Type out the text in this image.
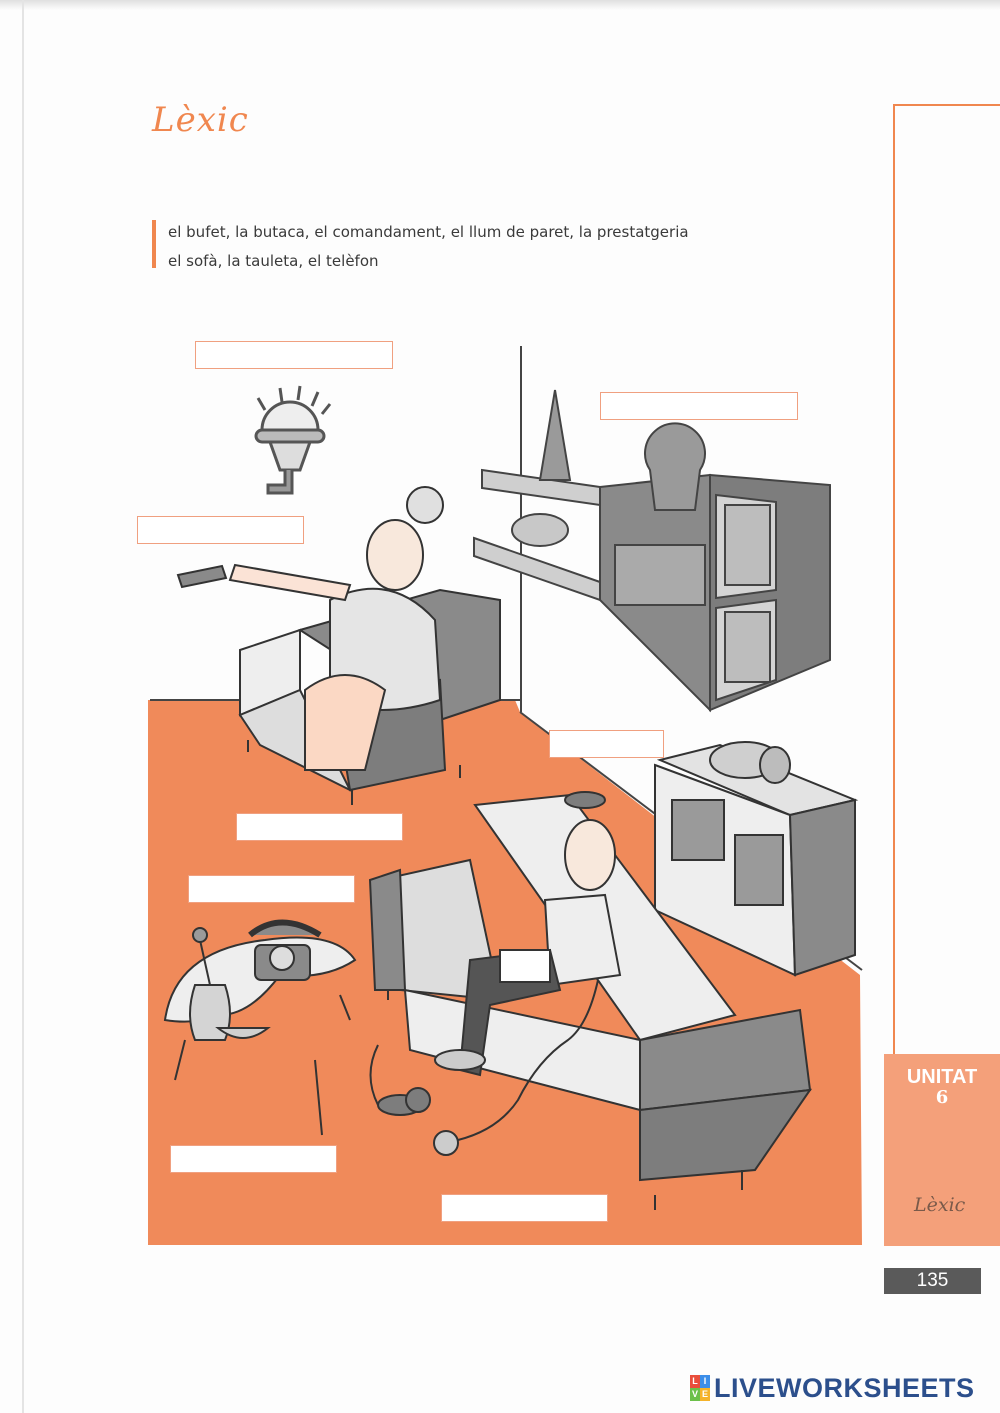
Lèxic
el bufet, la butaca, el comandament, el llum de paret, la prestatgeria
el sofà, la tauleta, el telèfon
UNITAT
6
Lèxic
135
L I
V E LIVEWORKSHEETS
